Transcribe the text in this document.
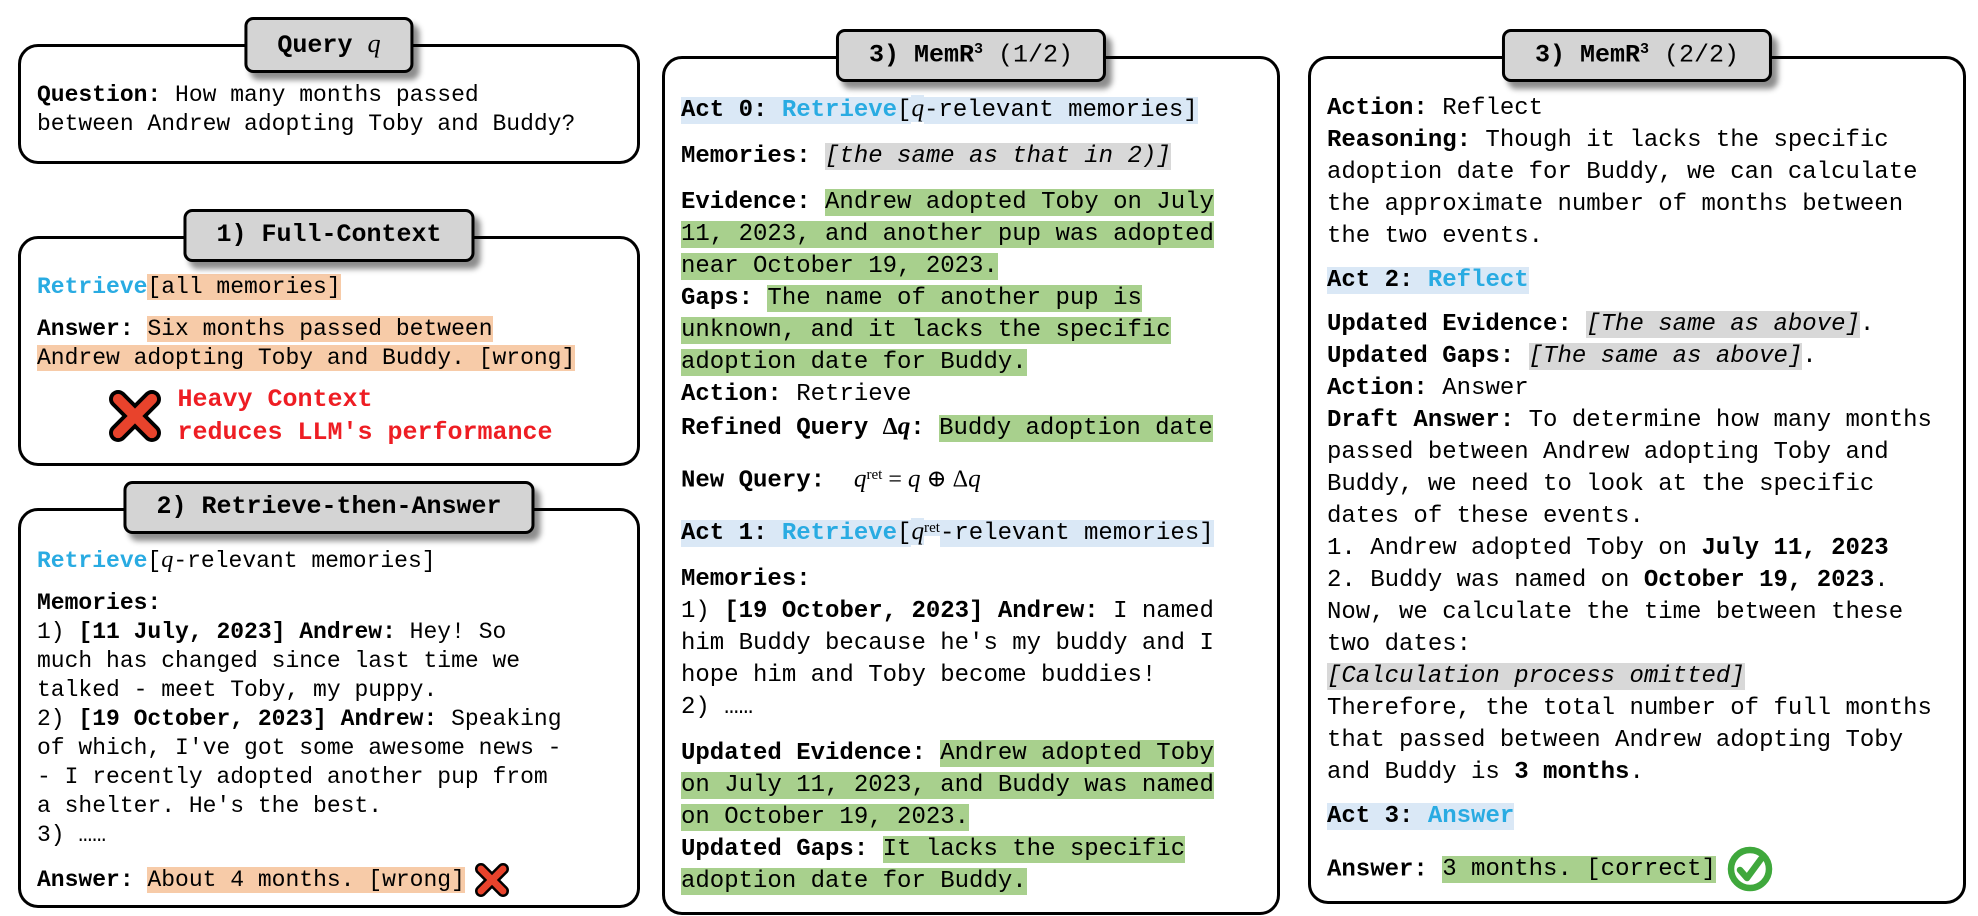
Query q
Question: How many months passed
between Andrew adopting Toby and Buddy?
1) Full-Context
Retrieve[all memories]
Answer: Six months passed between
Andrew adopting Toby and Buddy. [wrong]
Heavy Context
reduces LLM's performance
2) Retrieve-then-Answer
Retrieve[q-relevant memories]
Memories:
1) [11 July, 2023] Andrew: Hey! So
much has changed since last time we
talked - meet Toby, my puppy.
2) [19 October, 2023] Andrew: Speaking
of which, I've got some awesome news -
- I recently adopted another pup from
a shelter. He's the best.
3) ……
Answer: About 4 months. [wrong]
3) MemR$^3$ (1/2)
Act 0: Retrieve[q-relevant memories]
Memories: [the same as that in 2)]
Evidence: Andrew adopted Toby on July
11, 2023, and another pup was adopted
near October 19, 2023.
Gaps: The name of another pup is
unknown, and it lacks the specific
adoption date for Buddy.
Action: Retrieve
Refined Query Δq: Buddy adoption date
New Query: $q^{ret} = q$ ⊕ Δq
Act 1: $Retrieve[q^{ret}$-relevant memories]
Memories:
1) [19 October, 2023] Andrew: I named
him Buddy because he's my buddy and I
hope him and Toby become buddies!
2) ……
Updated Evidence: Andrew adopted Toby
on July 11, 2023, and Buddy was named
on October 19, 2023.
Updated Gaps: It lacks the specific
adoption date for Buddy.
3) MemR$^3$ (2/2)
Action: Reflect
Reasoning: Though it lacks the specific
adoption date for Buddy, we can calculate
the approximate number of months between
the two events.
Act 2: Reflect
Updated Evidence: [The same as above].
Updated Gaps: [The same as above].
Action: Answer
Draft Answer: To determine how many months
passed between Andrew adopting Toby and
Buddy, we need to look at the specific
dates of these events.
1. Andrew adopted Toby on July 11, 2023
2. Buddy was named on October 19, 2023.
Now, we calculate the time between these
two dates:
[Calculation process omitted]
Therefore, the total number of full months
that passed between Andrew adopting Toby
and Buddy is 3 months.
Act 3: Answer
Answer: 3 months. [correct]
